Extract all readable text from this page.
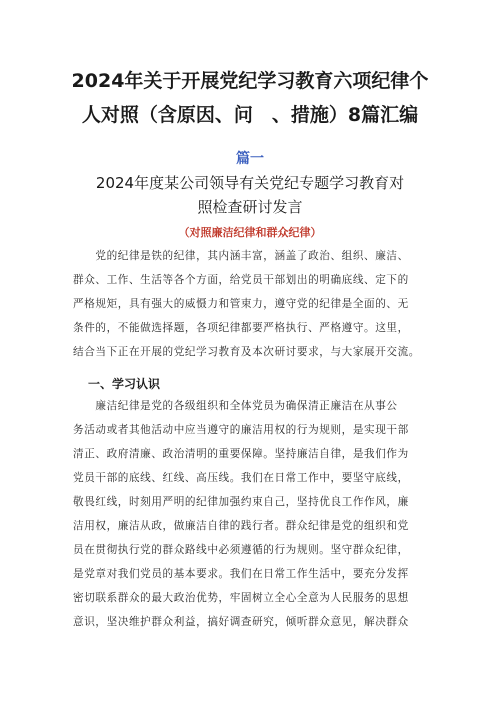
2024年关于开展党纪学习教育六项纪律个
人对照（含原因、问　、措施）8篇汇编
篇一
2024年度某公司领导有关党纪专题学习教育对
照检查研讨发言
（对照廉洁纪律和群众纪律）
　　党的纪律是铁的纪律，其内涵丰富，涵盖了政治、组织、廉洁、
群众、工作、生活等各个方面，给党员干部划出的明确底线、定下的
严格规矩，具有强大的威慑力和管束力，遵守党的纪律是全面的、无
条件的，不能做选择题，各项纪律都要严格执行、严格遵守。这里，
结合当下正在开展的党纪学习教育及本次研讨要求，与大家展开交流。
一、学习认识
　　廉洁纪律是党的各级组织和全体党员为确保清正廉洁在从事公
务活动或者其他活动中应当遵守的廉洁用权的行为规则，是实现干部
清正、政府清廉、政治清明的重要保障。坚持廉洁自律，是我们作为
党员干部的底线、红线、高压线。我们在日常工作中，要坚守底线，
敬畏红线，时刻用严明的纪律加强约束自己，坚持优良工作作风，廉
洁用权，廉洁从政，做廉洁自律的践行者。群众纪律是党的组织和党
员在贯彻执行党的群众路线中必须遵循的行为规则。坚守群众纪律，
是党章对我们党员的基本要求。我们在日常工作生活中，要充分发挥
密切联系群众的最大政治优势，牢固树立全心全意为人民服务的思想
意识，坚决维护群众利益，搞好调查研究，倾听群众意见，解决群众
